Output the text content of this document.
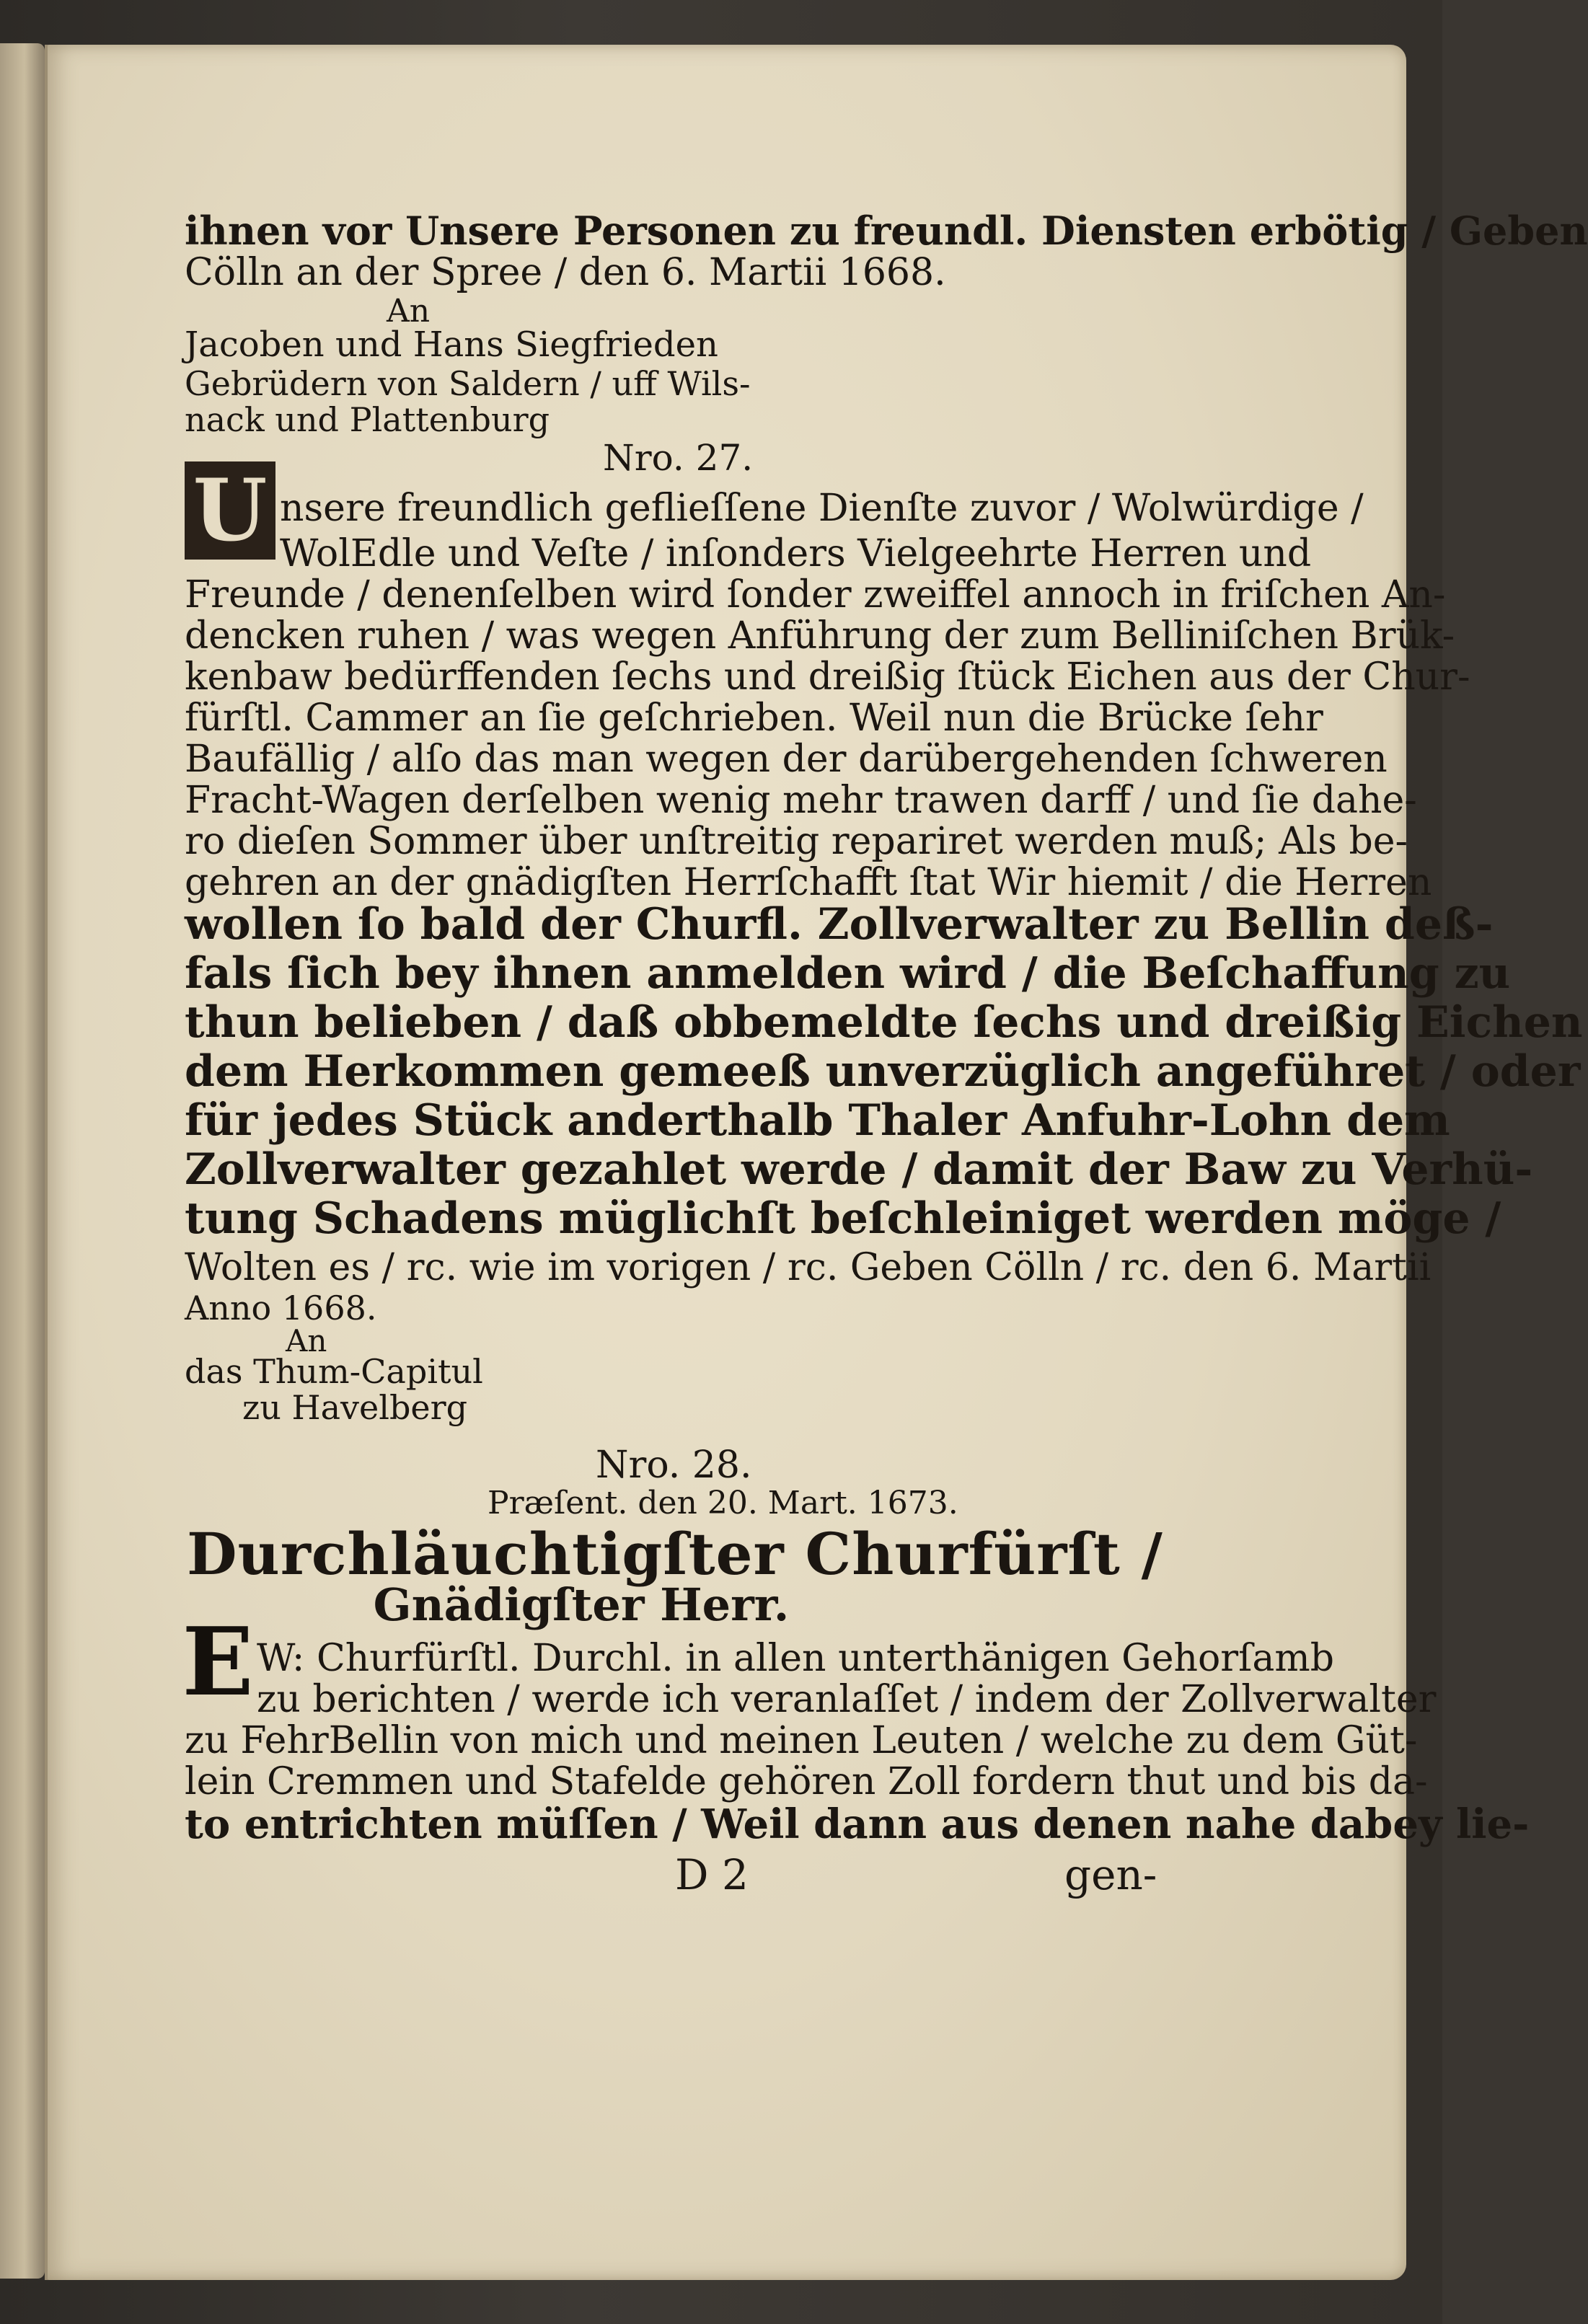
ihnen vor Unsere Personen zu freundl. Diensten erbötig / Geben
Cölln an der Spree / den 6. Martii 1668.
An
Jacoben und Hans Siegfrieden
Gebrüdern von Saldern / uff Wils-
nack und Plattenburg
Nro. 27.
nsere freundlich geflieſſene Dienſte zuvor / Wolwürdige /
WolEdle und Veſte / inſonders Vielgeehrte Herren und
Freunde / denenſelben wird ſonder zweiffel annoch in friſchen An-
dencken ruhen / was wegen Anführung der zum Belliniſchen Brük-
kenbaw bedürffenden ſechs und dreißig ſtück Eichen aus der Chur-
fürſtl. Cammer an ſie geſchrieben. Weil nun die Brücke ſehr
Baufällig / alſo das man wegen der darübergehenden ſchweren
Fracht-Wagen derſelben wenig mehr trawen darff / und ſie dahe-
ro dieſen Sommer über unſtreitig repariret werden muß; Als be-
gehren an der gnädigſten Herrſchafft ſtat Wir hiemit / die Herren
wollen ſo bald der Churfl. Zollverwalter zu Bellin deß-
fals ſich bey ihnen anmelden wird / die Beſchaffung zu
thun belieben / daß obbemeldte ſechs und dreißig Eichen
dem Herkommen gemeeß unverzüglich angeführet / oder
für jedes Stück anderthalb Thaler Anfuhr-Lohn dem
Zollverwalter gezahlet werde / damit der Baw zu Verhü-
tung Schadens müglichſt beſchleiniget werden möge /
Wolten es / rc. wie im vorigen / rc. Geben Cölln / rc. den 6. Martii
Anno 1668.
An
das Thum-Capitul
zu Havelberg
Nro. 28.
Præſent. den 20. Mart. 1673.
Durchläuchtigſter Churfürſt /
Gnädigſter Herr.
W: Churfürſtl. Durchl. in allen unterthänigen Gehorſamb
zu berichten / werde ich veranlaſſet / indem der Zollverwalter
zu FehrBellin von mich und meinen Leuten / welche zu dem Güt-
lein Cremmen und Stafelde gehören Zoll fordern thut und bis da-
to entrichten müſſen / Weil dann aus denen nahe dabey lie-
D 2	gen-
U
E
